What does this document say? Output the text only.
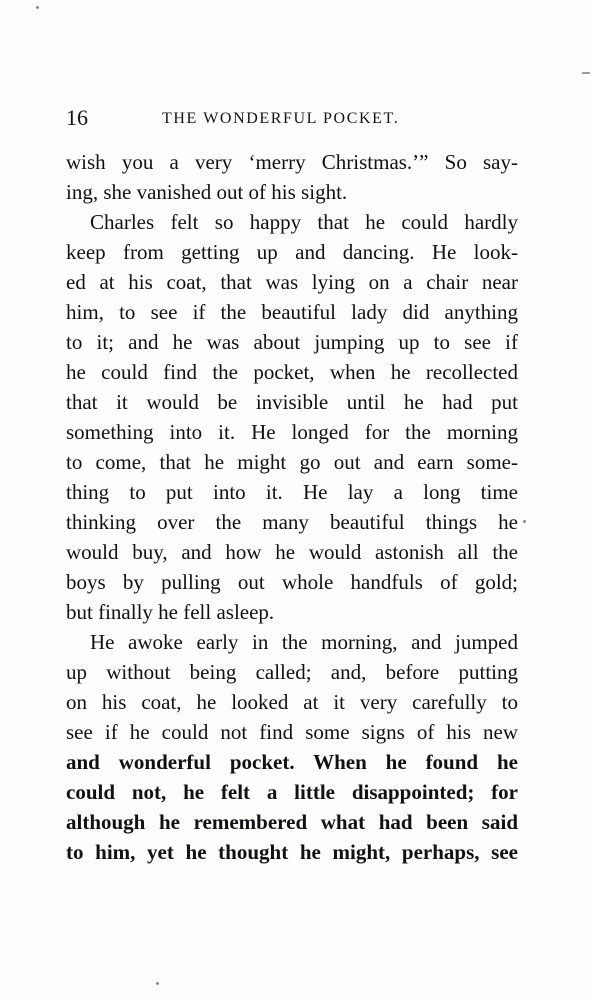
16	THE WONDERFUL POCKET.
wish you a very ‘merry Christmas.’” So say-
ing, she vanished out of his sight.
Charles felt so happy that he could hardly
keep from getting up and dancing. He look-
ed at his coat, that was lying on a chair near
him, to see if the beautiful lady did anything
to it; and he was about jumping up to see if
he could find the pocket, when he recollected
that it would be invisible until he had put
something into it. He longed for the morning
to come, that he might go out and earn some-
thing to put into it. He lay a long time
thinking over the many beautiful things he
would buy, and how he would astonish all the
boys by pulling out whole handfuls of gold;
but finally he fell asleep.
He awoke early in the morning, and jumped
up without being called; and, before putting
on his coat, he looked at it very carefully to
see if he could not find some signs of his new
and wonderful pocket. When he found he
could not, he felt a little disappointed; for
although he remembered what had been said
to him, yet he thought he might, perhaps, see
